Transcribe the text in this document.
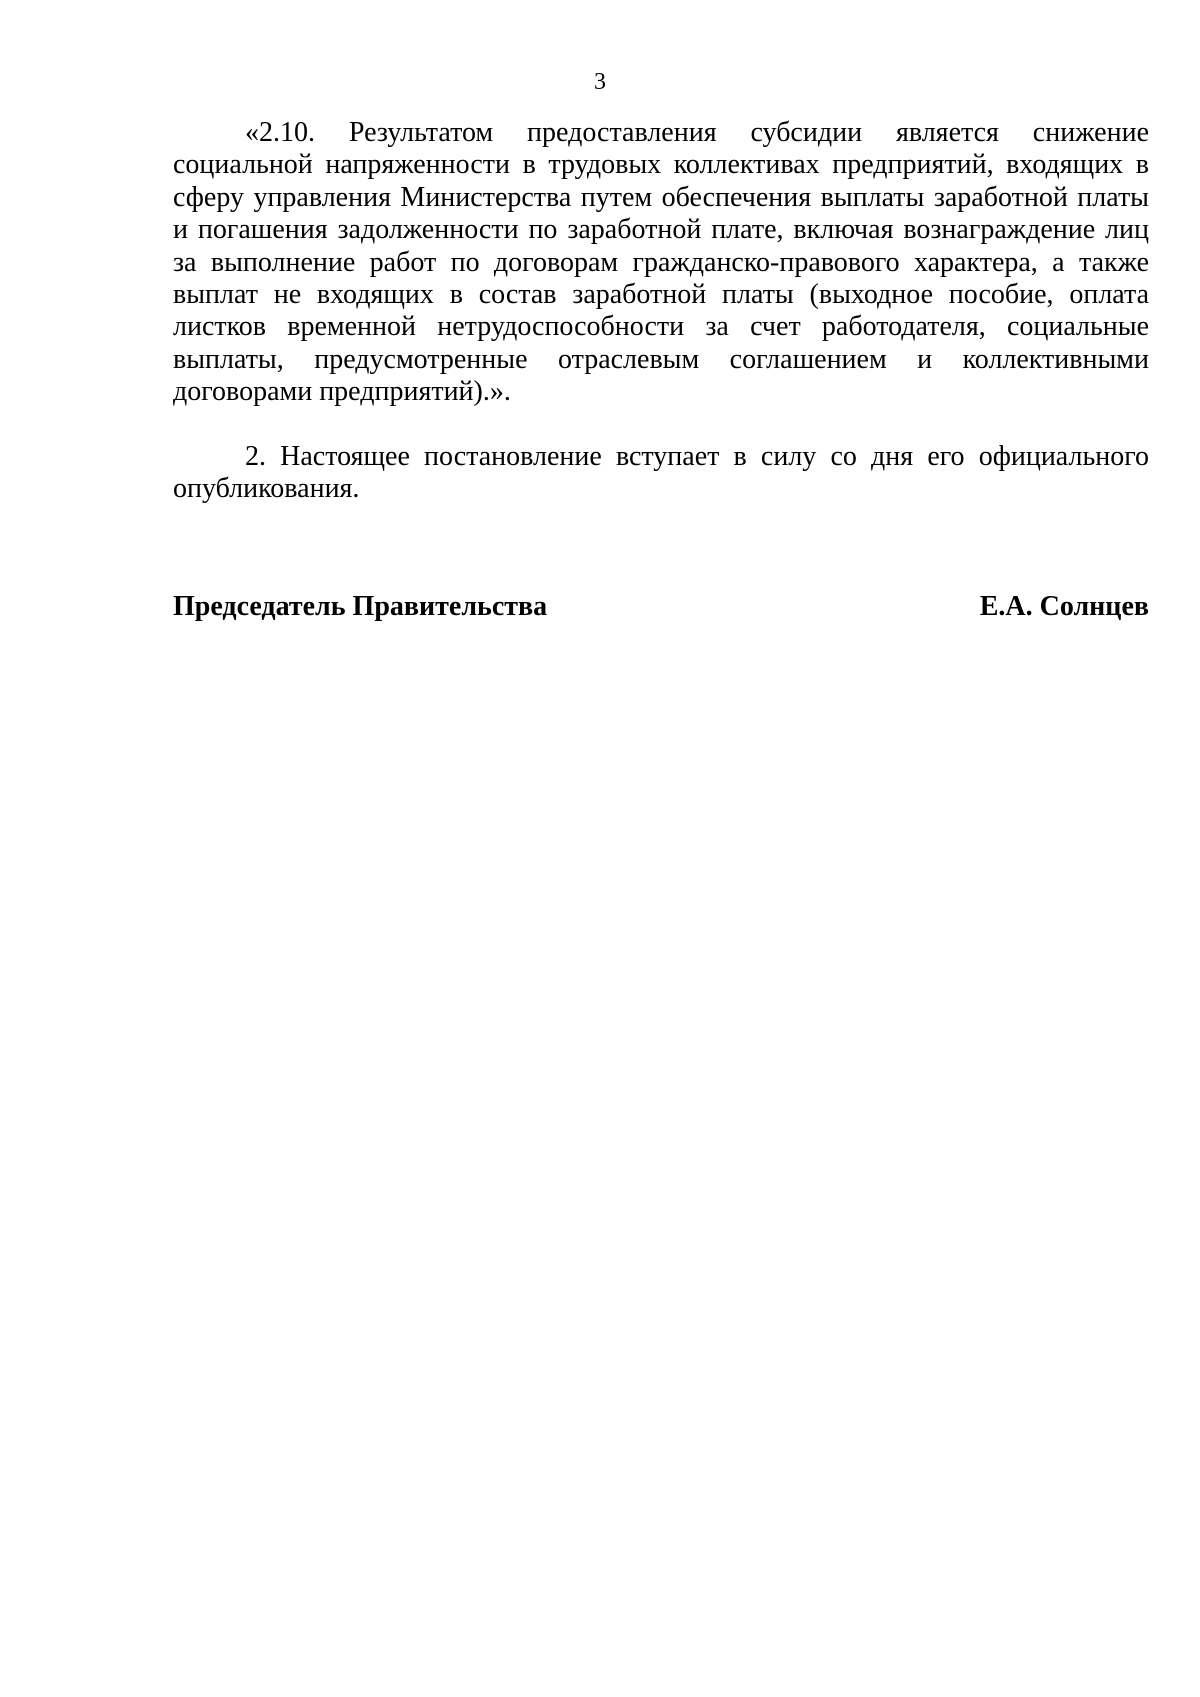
3

«2.10. Результатом предоставления субсидии является снижение социальной напряженности в трудовых коллективах предприятий, входящих в сферу управления Министерства путем обеспечения выплаты заработной платы и погашения задолженности по заработной плате, включая вознаграждение лиц за выполнение работ по договорам гражданско-правового характера, а также выплат не входящих в состав заработной платы (выходное пособие, оплата листков временной нетрудоспособности за счет работодателя, социальные выплаты, предусмотренные отраслевым соглашением и коллективными договорами предприятий).».

2. Настоящее постановление вступает в силу со дня его официального опубликования.

Председатель Правительства	Е.А. Солнцев
